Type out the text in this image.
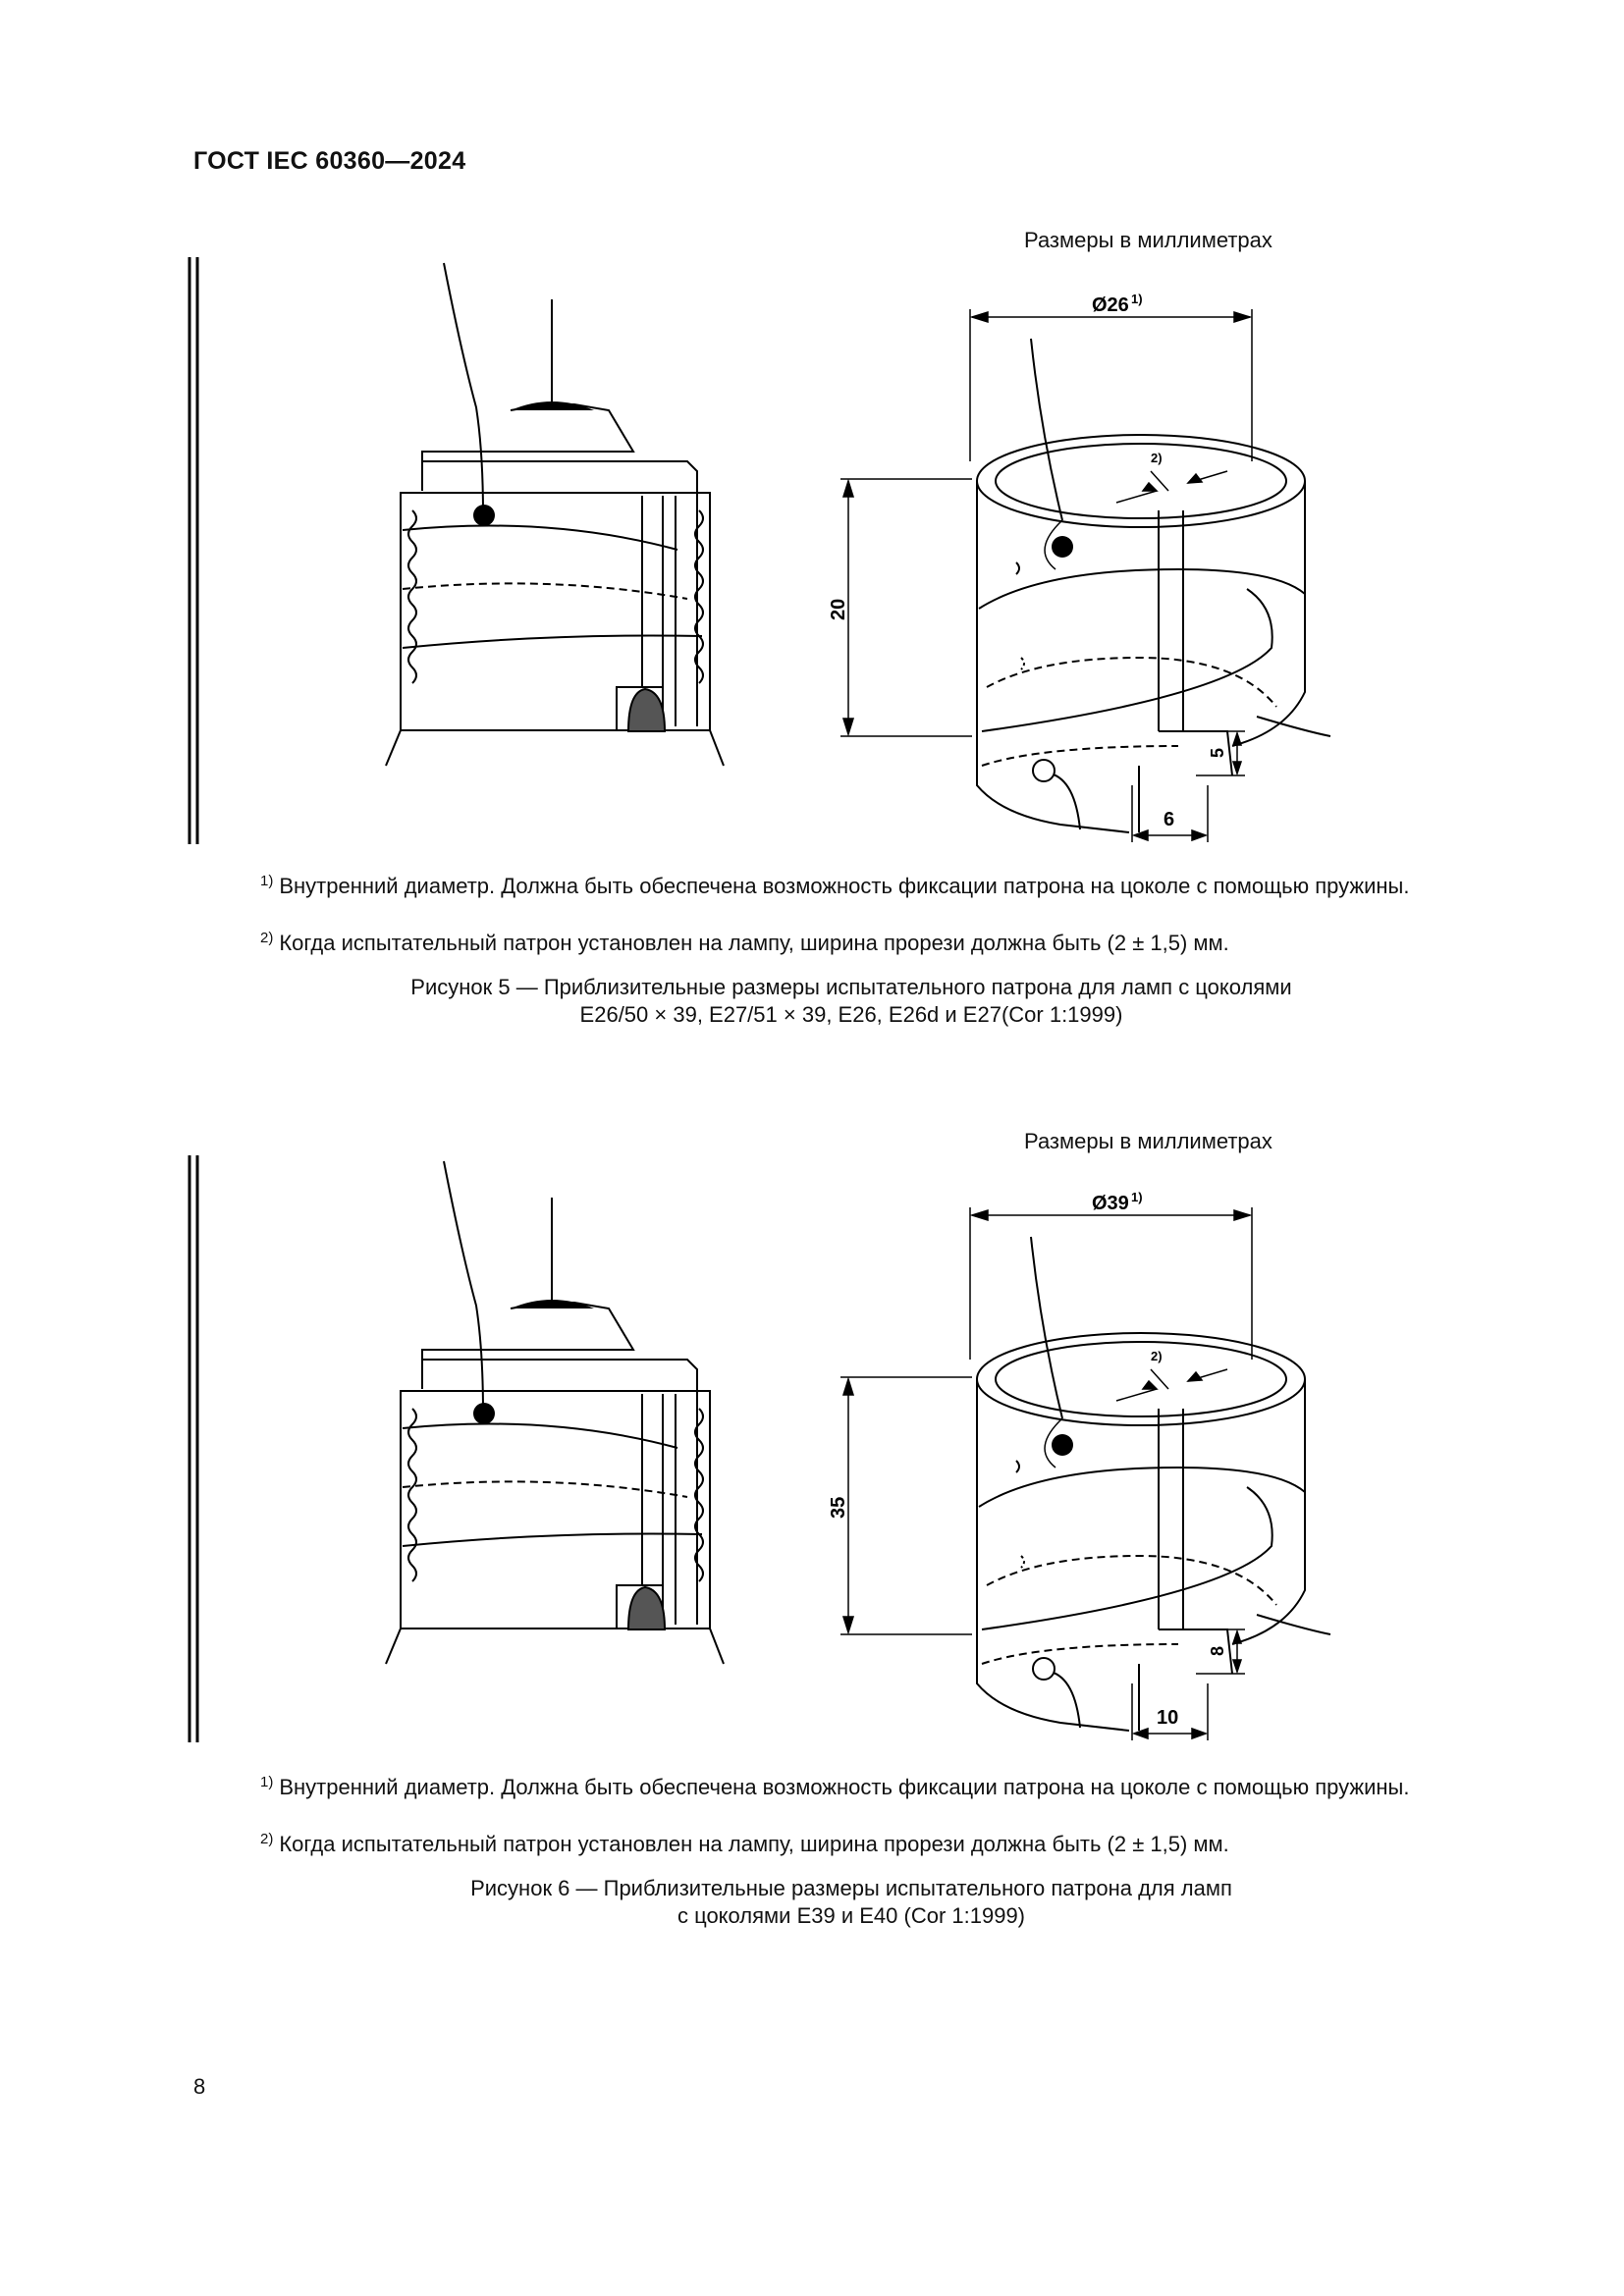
ГОСТ IEC 60360—2024
Размеры в миллиметрах
Ø26 1)
2)
20
5
6
$^{1)}$ Внутренний диаметр. Должна быть обеспечена возможность фиксации патрона на цоколе с помощью пружины.
$^{2)}$ Когда испытательный патрон установлен на лампу, ширина прорези должна быть (2 ± 1,5) мм.
Рисунок 5 — Приблизительные размеры испытательного патрона для ламп с цоколями
E26/50 × 39, E27/51 × 39, E26, E26d и E27(Cor 1:1999)
Размеры в миллиметрах
Ø39 1)
2)
35
8
10
$^{1)}$ Внутренний диаметр. Должна быть обеспечена возможность фиксации патрона на цоколе с помощью пружины.
$^{2)}$ Когда испытательный патрон установлен на лампу, ширина прорези должна быть (2 ± 1,5) мм.
Рисунок 6 — Приблизительные размеры испытательного патрона для ламп
с цоколями E39 и E40 (Cor 1:1999)
8
